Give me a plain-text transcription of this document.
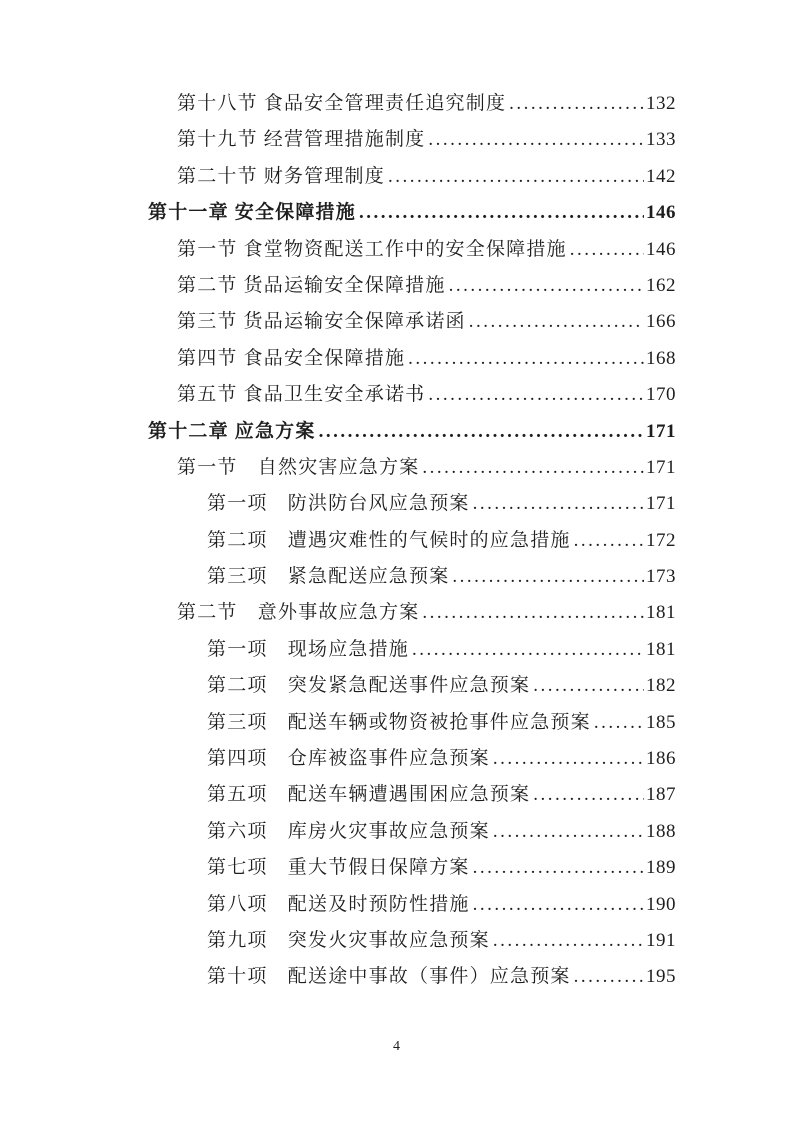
第十八节 食品安全管理责任追究制度 .....	132
第十九节 经营管理措施制度 .....	133
第二十节 财务管理制度 .....	142
第十一章 安全保障措施 .....	146
第一节 食堂物资配送工作中的安全保障措施 .....	146
第二节 货品运输安全保障措施 .....	162
第三节 货品运输安全保障承诺函 .....	166
第四节 食品安全保障措施 .....	168
第五节 食品卫生安全承诺书 .....	170
第十二章 应急方案 .....	171
第一节　自然灾害应急方案 .....	171
第一项　防洪防台风应急预案 .....	171
第二项　遭遇灾难性的气候时的应急措施 .....	172
第三项　紧急配送应急预案 .....	173
第二节　意外事故应急方案 .....	181
第一项　现场应急措施 .....	181
第二项　突发紧急配送事件应急预案 .....	182
第三项　配送车辆或物资被抢事件应急预案 .....	185
第四项　仓库被盗事件应急预案 .....	186
第五项　配送车辆遭遇围困应急预案 .....	187
第六项　库房火灾事故应急预案 .....	188
第七项　重大节假日保障方案 .....	189
第八项　配送及时预防性措施 .....	190
第九项　突发火灾事故应急预案 .....	191
第十项　配送途中事故（事件）应急预案 .....	195
4
